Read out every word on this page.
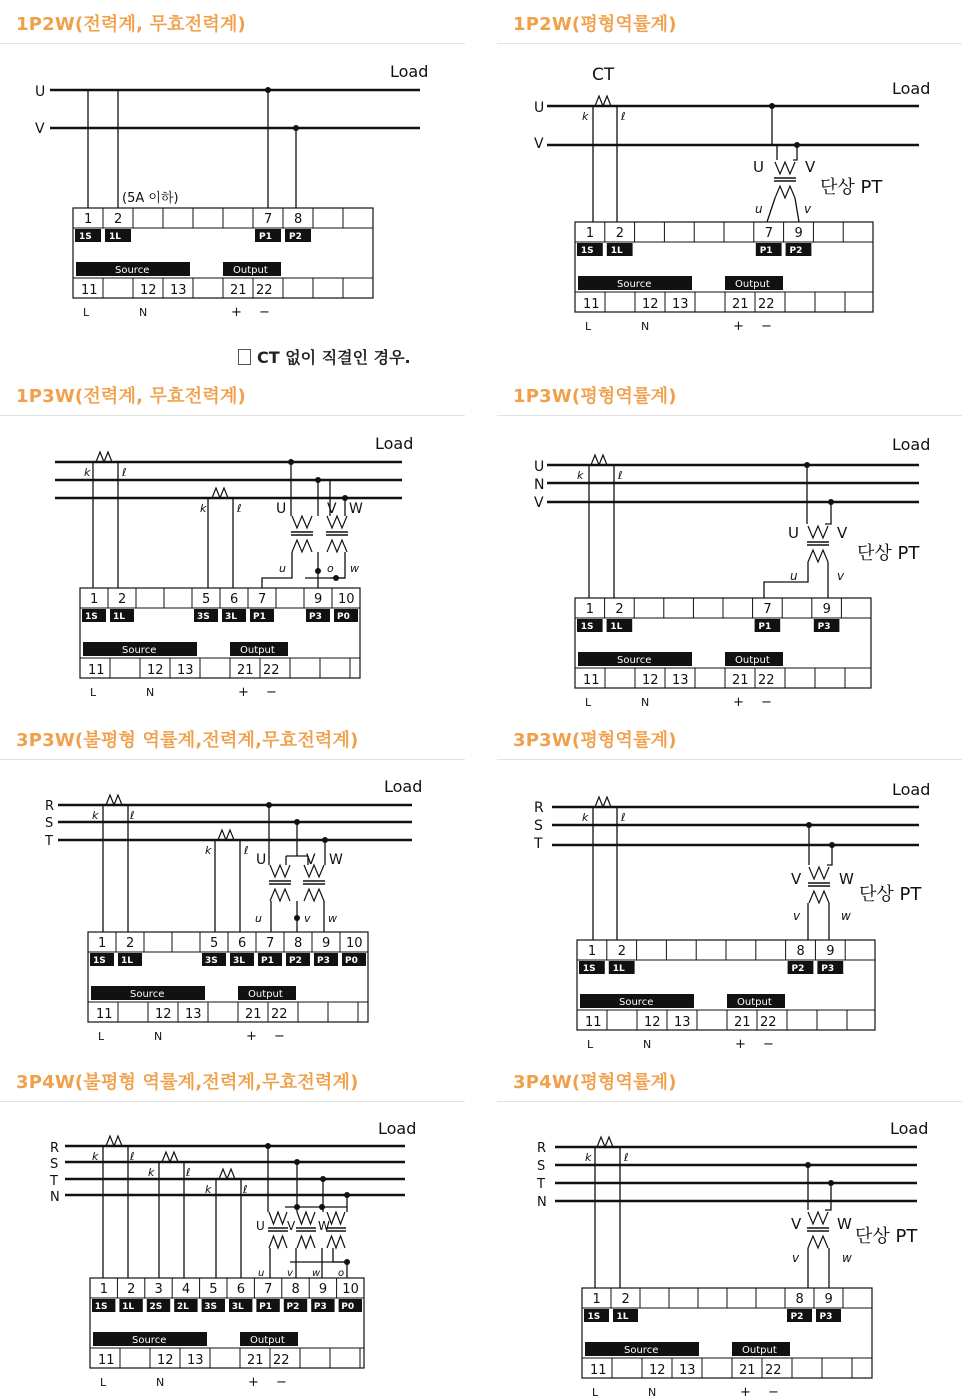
1P2W(전력계, 무효전력계)
CT 없이 직결인 경우.
1P2W(평형역률계)
1P3W(전력계, 무효전력계)	1P3W(평형역률계)
3P3W(불평형 역률계,전력계,무효전력계)	3P3W(평형역률계)
3P4W(불평형 역률계,전력계,무효전력계)	3P4W(평형역률계)
Load
U
V
(5A 이하)
1
1S
2
1L
7
P1
8
P2
Source	Output
11	12 13	21 22
L	N	+ −
CT
Load
U
V
k	ℓ
U	V
u	v
단상 PT
1
1S
2
1L
7
P1
9
P2
Source	Output
11	12 13	21 22
L	N	+ −
Load
k	ℓ
k	ℓ U	V W
u	o w
1
1S
2
1L
5
3S
6
3L
7
P1
9
P3
10
P0
Source	Output
11	12 13	21 22
L	N	+ −
Load
U
N
V
k	ℓ
U	V
u	v
단상 PT
1
1S
2
1L
7
P1
9
P3
Source	Output
11	12 13	21 22
L	N	+ −
Load
R
S
T
k	ℓ
k	ℓ
U	V W
u	v w
1
1S
2
1L
5
3S
6
3L
7
P1
8
P2
9
P3
10
P0
Source	Output
11	12 13	21 22
L	N	+ −
Load
R
S
T
k	ℓ
V	W
v	w
단상 PT
1
1S
2
1L
8
P2
9
P3
Source	Output
11	12 13	21 22
L	N	+ −
Load
R
S
T
N
k	ℓ
k	ℓ
k	ℓ
U V W
u v w o
1
1S
2
1L
3
2S
4
2L
5
3S
6
3L
7
P1
8
P2
9
P3
10
P0
Source	Output
11	12 13	21 22
L	N	+ −
Load
R
S
T
N
k	ℓ
V W
v	w
단상 PT
1
1S
2
1L
8
P2
9
P3
Source	Output
11	12 13	21 22
L	N	+ −
